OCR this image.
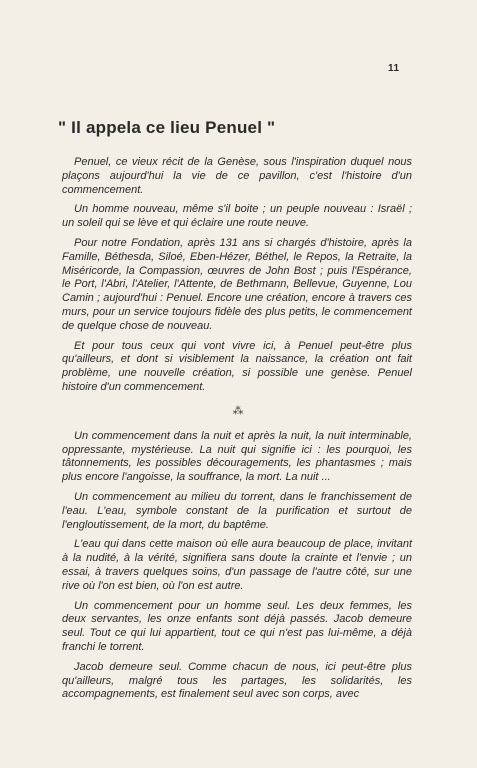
11
" Il appela ce lieu Penuel "

Penuel, ce vieux récit de la Genèse, sous l'inspiration duquel nous plaçons aujourd'hui la vie de ce pavillon, c'est l'histoire d'un commencement.

Un homme nouveau, même s'il boite ; un peuple nouveau : Israël ; un soleil qui se lève et qui éclaire une route neuve.

Pour notre Fondation, après 131 ans si chargés d'histoire, après la Famille, Béthesda, Siloé, Eben-Hézer, Béthel, le Repos, la Retraite, la Miséricorde, la Compassion, œuvres de John Bost ; puis l'Espérance, le Port, l'Abri, l'Atelier, l'Attente, de Bethmann, Bellevue, Guyenne, Lou Camin ; aujourd'hui : Penuel. Encore une création, encore à travers ces murs, pour un service toujours fidèle des plus petits, le commencement de quelque chose de nouveau.

Et pour tous ceux qui vont vivre ici, à Penuel peut-être plus qu'ailleurs, et dont si visiblement la naissance, la création ont fait problème, une nouvelle création, si possible une genèse. Penuel histoire d'un commencement.

⁂

Un commencement dans la nuit et après la nuit, la nuit interminable, oppressante, mystérieuse. La nuit qui signifie ici : les pourquoi, les tâtonnements, les possibles découragements, les phantasmes ; mais plus encore l'angoisse, la souffrance, la mort. La nuit ...

Un commencement au milieu du torrent, dans le franchissement de l'eau. L'eau, symbole constant de la purification et surtout de l'engloutissement, de la mort, du baptême.

L'eau qui dans cette maison où elle aura beaucoup de place, invitant à la nudité, à la vérité, signifiera sans doute la crainte et l'envie ; un essai, à travers quelques soins, d'un passage de l'autre côté, sur une rive où l'on est bien, où l'on est autre.

Un commencement pour un homme seul. Les deux femmes, les deux servantes, les onze enfants sont déjà passés. Jacob demeure seul. Tout ce qui lui appartient, tout ce qui n'est pas lui-même, a déjà franchi le torrent.

Jacob demeure seul. Comme chacun de nous, ici peut-être plus qu'ailleurs, malgré tous les partages, les solidarités, les accompagnements, est finalement seul avec son corps, avec
